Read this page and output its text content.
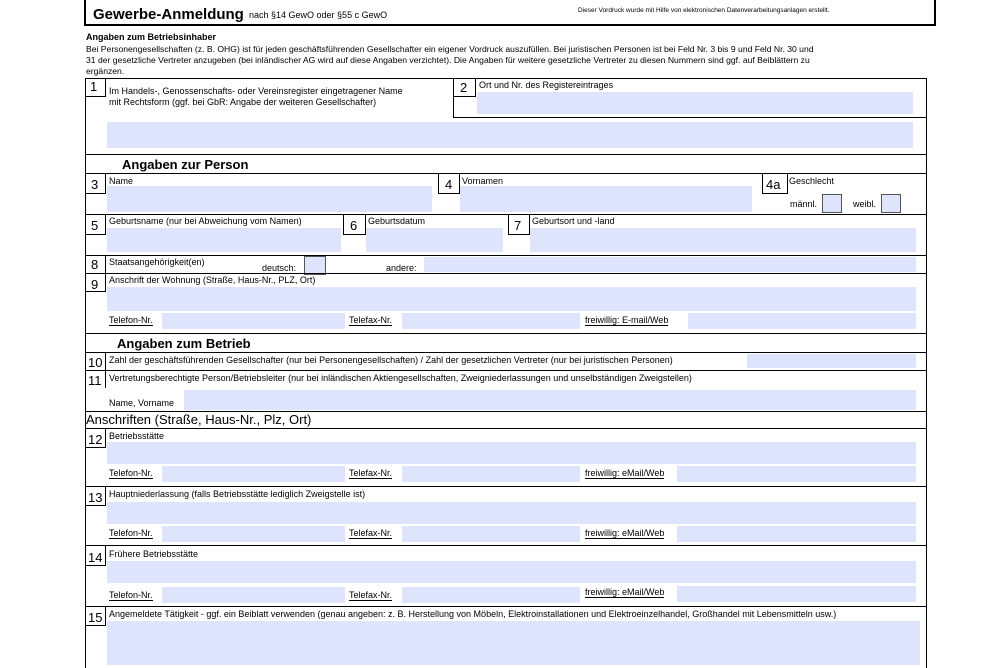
Gewerbe-Anmeldung nach §14 GewO oder §55 c GewO	Dieser Vordruck wurde mit Hilfe von elektronischen Datenverarbeitungsanlagen erstellt.
Angaben zum Betriebsinhaber
Bei Personengesellschaften (z. B. OHG) ist für jeden geschäftsführenden Gesellschafter ein eigener Vordruck auszufüllen. Bei juristischen Personen ist bei Feld Nr. 3 bis 9 und Feld Nr. 30 und
31 der gesetzliche Vertreter anzugeben (bei inländischer AG wird auf diese Angaben verzichtet). Die Angaben für weitere gesetzliche Vertreter zu diesen Nummern sind ggf. auf Beiblättern zu
ergänzen.
1 Im Handels-, Genossenschafts- oder Vereinsregister eingetragener Name
mit Rechtsform (ggf. bei GbR: Angabe der weiteren Gesellschafter)
2 Ort und Nr. des Registereintrages
Angaben zur Person
3 Name	4 Vornamen	4a Geschlecht
männl.	weibl.
5 Geburtsname (nur bei Abweichung vom Namen)	6 Geburtsdatum	7 Geburtsort und -land
8 Staatsangehörigkeit(en)
deutsch:	andere:
9 Anschrift der Wohnung (Straße, Haus-Nr., PLZ, Ort)
Telefon-Nr.	Telefax-Nr.	freiwillig: E-mail/Web
Angaben zum Betrieb
10 Zahl der geschäftsführenden Gesellschafter (nur bei Personengesellschaften) / Zahl der gesetzlichen Vertreter (nur bei juristischen Personen)
11 Vertretungsberechtigte Person/Betriebsleiter (nur bei inländischen Aktiengesellschaften, Zweigniederlassungen und unselbständigen Zweigstellen)
Name, Vorname
Anschriften (Straße, Haus-Nr., Plz, Ort)
12 Betriebsstätte
Telefon-Nr.	Telefax-Nr.	freiwillig: eMail/Web
13 Hauptniederlassung (falls Betriebsstätte lediglich Zweigstelle ist)
Telefon-Nr.	Telefax-Nr.	freiwillig: eMail/Web
14 Frühere Betriebsstätte
Telefon-Nr.	Telefax-Nr.	freiwillig: eMail/Web
15 Angemeldete Tätigkeit - ggf. ein Beiblatt verwenden (genau angeben: z. B. Herstellung von Möbeln, Elektroinstallationen und Elektroeinzelhandel, Großhandel mit Lebensmitteln usw.)
